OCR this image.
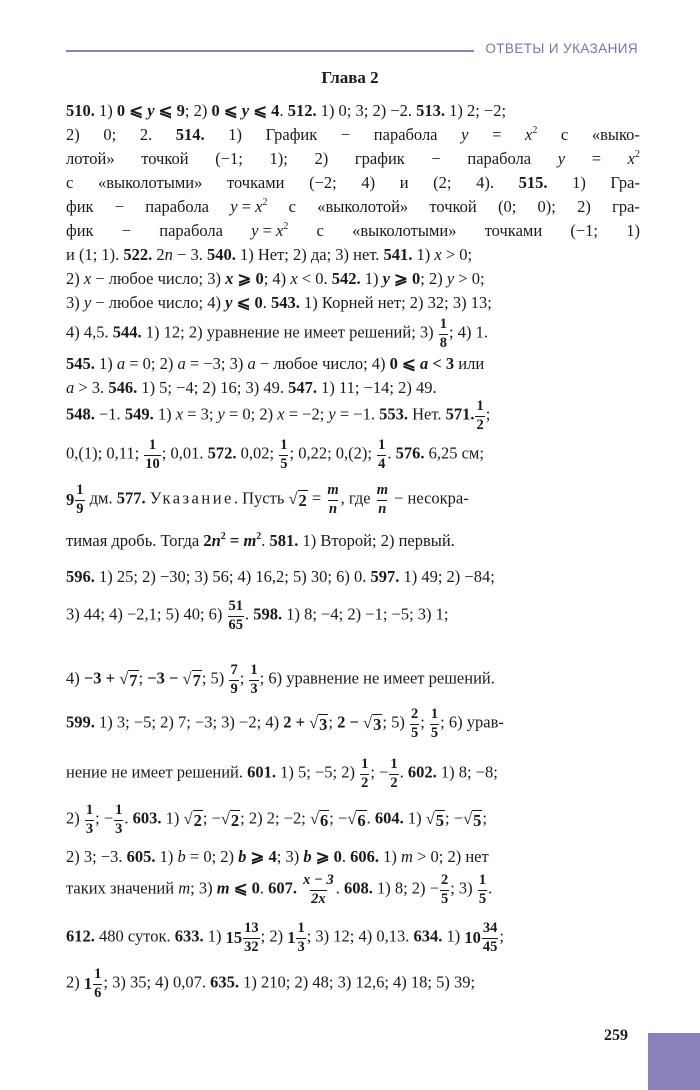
ОТВЕТЫ И УКАЗАНИЯ
Глава 2
510. 1) 0 ⩽ y ⩽ 9; 2) 0 ⩽ y ⩽ 4. 512. 1) 0; 3; 2) −2. 513. 1) 2; −2;
2) 0; 2. 514. 1) График − парабола $y = x^2$ с «выко-
лотой» точкой (−1; 1); 2) график − парабола $y = x^2$
с «выколотыми» точками (−2; 4) и (2; 4). 515. 1) Гра-
фик − парабола $y = x^2$ с «выколотой» точкой (0; 0); 2) гра-
фик − парабола $y = x^2$ с «выколотыми» точками (−1; 1)
и (1; 1). 522. 2n − 3. 540. 1) Нет; 2) да; 3) нет. 541. 1) x > 0;
2) x − любое число; 3) x ⩾ 0; 4) x < 0. 542. 1) y ⩾ 0; 2) y > 0;
3) y − любое число; 4) y ⩽ 0. 543. 1) Корней нет; 2) 32; 3) 13;
4) 4,5. 544. 1) 12; 2) уравнение не имеет решений; $3) \frac{1}{8}$ ; 4) 1.
545. 1) a = 0; 2) a = −3; 3) a − любое число; 4) 0 ⩽ a < 3 или
a > 3. 546. 1) 5; −4; 2) 16; 3) 49. 547. 1) 11; −14; 2) 49.
548. −1. 549. 1) x = 3; y = 0; 2) x = −2; y = −1. 553. Нет. 571. $\frac{1}{2}$ ;
0,(1); 0,11; $\frac{1}{10}$ ; 0,01. 572. 0,02; $\frac{1}{5}$ ; 0,22; 0,(2); $\frac{1}{4}$ . 576. 6,25 см;
$9 \frac{1}{9}$ дм. 577. Указание. Пусть √ $2 = \frac{m}{n}$ , где $\frac{m}{n}$ − несокра-
тимая дробь. Тогда $2n^2 = m^2$. 581. 1) Второй; 2) первый.
596. 1) 25; 2) −30; 3) 56; 4) 16,2; 5) 30; 6) 0. 597. 1) 49; 2) −84;
3) 44; 4) −2,1; 5) 40; $6) \frac{51}{65}$ . 598. 1) 8; −4; 2) −1; −5; 3) 1;
4) −3 + √ 7 ; −3 − √ 7 ; $5) \frac{7}{9}$ ; $\frac{1}{3}$ ; 6) уравнение не имеет решений.
599. 1) 3; −5; 2) 7; −3; 3) −2; 4) 2 + √ 3 ; 2 − √ 3 ; $5) \frac{2}{5}$ ; $\frac{1}{5}$ ; 6) урав-
нение не имеет решений. 601. 1) 5; −5; $2) \frac{1}{2}$ ; − $\frac{1}{2}$ . 602. 1) 8; −8;
$2) \frac{1}{3}$ ; − $\frac{1}{3}$ . 603. 1) √ 2 ; − √ 2 ; 2) 2; −2; √ 6 ; − √ 6 . 604. 1) √ 5 ; − √ 5 ;
2) 3; −3. 605. 1) b = 0; 2) b ⩾ 4; 3) b ⩾ 0. 606. 1) m > 0; 2) нет
таких значений m; 3) m ⩽ 0. 607. $\frac{x - 3}{2x}$ . 608. 1) 8; $2) - \frac{2}{5}$ ; $3) \frac{1}{5}$ .
612. 480 суток. 633. 1) $15 \frac{13}{32}$ ; 2) $1 \frac{1}{3}$ ; 3) 12; 4) 0,13. 634. 1) $10 \frac{34}{45}$ ;
2) $1 \frac{1}{6}$ ; 3) 35; 4) 0,07. 635. 1) 210; 2) 48; 3) 12,6; 4) 18; 5) 39;
259
